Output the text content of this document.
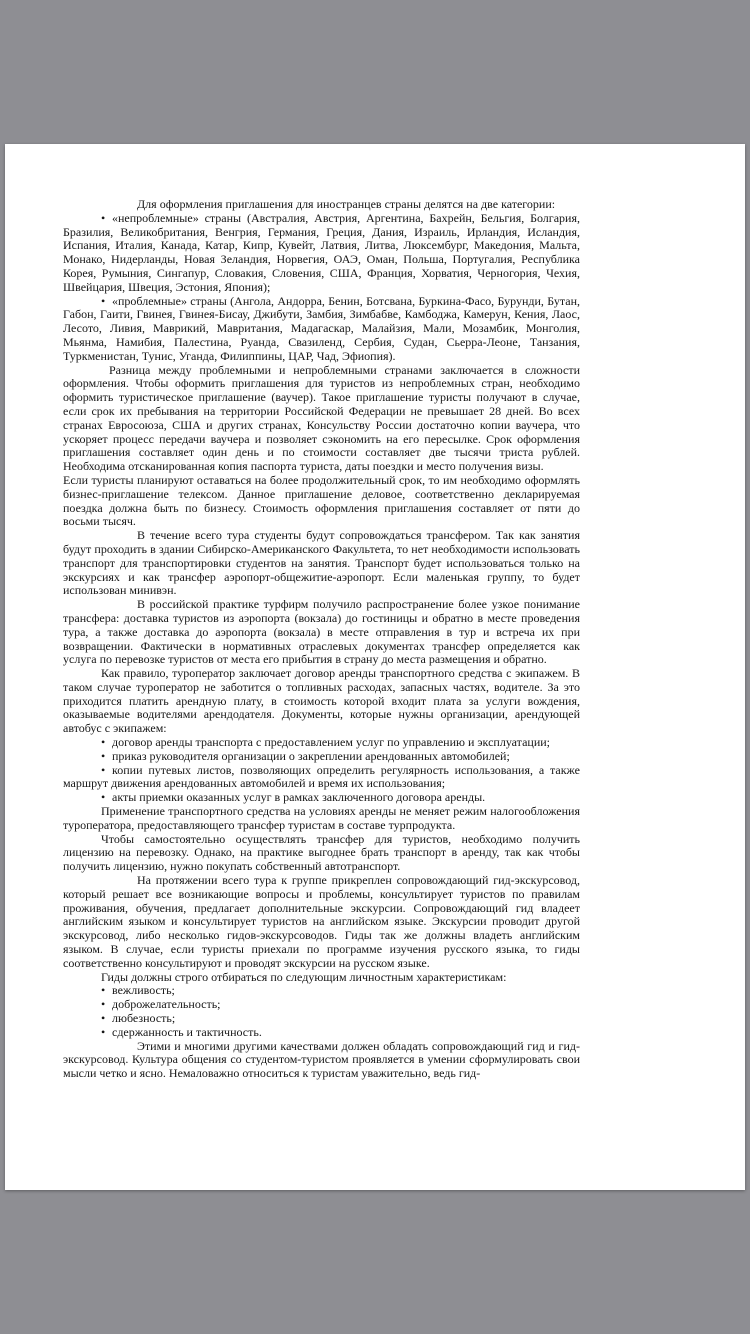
Для оформления приглашения для иностранцев страны делятся на две категории:

• «непроблемные» страны (Австралия, Австрия, Аргентина, Бахрейн, Бельгия, Болгария, Бразилия, Великобритания, Венгрия, Германия, Греция, Дания, Израиль, Ирландия, Исландия, Испания, Италия, Канада, Катар, Кипр, Кувейт, Латвия, Литва, Люксембург, Македония, Мальта, Монако, Нидерланды, Новая Зеландия, Норвегия, ОАЭ, Оман, Польша, Португалия, Республика Корея, Румыния, Сингапур, Словакия, Словения, США, Франция, Хорватия, Черногория, Чехия, Швейцария, Швеция, Эстония, Япония);

• «проблемные» страны (Ангола, Андорра, Бенин, Ботсвана, Буркина-Фасо, Бурунди, Бутан, Габон, Гаити, Гвинея, Гвинея-Бисау, Джибути, Замбия, Зимбабве, Камбоджа, Камерун, Кения, Лаос, Лесото, Ливия, Маврикий, Мавритания, Мадагаскар, Малайзия, Мали, Мозамбик, Монголия, Мьянма, Намибия, Палестина, Руанда, Свазиленд, Сербия, Судан, Сьерра-Леоне, Танзания, Туркменистан, Тунис, Уганда, Филиппины, ЦАР, Чад, Эфиопия).

Разница между проблемными и непроблемными странами заключается в сложности оформления. Чтобы оформить приглашения для туристов из непроблемных стран, необходимо оформить туристическое приглашение (ваучер). Такое приглашение туристы получают в случае, если срок их пребывания на территории Российской Федерации не превышает 28 дней. Во всех странах Евросоюза, США и других странах, Консульству России достаточно копии ваучера, что ускоряет процесс передачи ваучера и позволяет сэкономить на его пересылке. Срок оформления приглашения составляет один день и по стоимости составляет две тысячи триста рублей. Необходима отсканированная копия паспорта туриста, даты поездки и место получения визы.

Если туристы планируют оставаться на более продолжительный срок, то им необходимо оформлять бизнес-приглашение телексом. Данное приглашение деловое, соответственно декларируемая поездка должна быть по бизнесу. Стоимость оформления приглашения составляет от пяти до восьми тысяч.

В течение всего тура студенты будут сопровождаться трансфером. Так как занятия будут проходить в здании Сибирско-Американского Факультета, то нет необходимости использовать транспорт для транспортировки студентов на занятия. Транспорт будет использоваться только на экскурсиях и как трансфер аэропорт-общежитие-аэропорт. Если маленькая группу, то будет использован минивэн.

В российской практике турфирм получило распространение более узкое понимание трансфера: доставка туристов из аэропорта (вокзала) до гостиницы и обратно в месте проведения тура, а также доставка до аэропорта (вокзала) в месте отправления в тур и встреча их при возвращении. Фактически в нормативных отраслевых документах трансфер определяется как услуга по перевозке туристов от места его прибытия в страну до места размещения и обратно.

Как правило, туроператор заключает договор аренды транспортного средства с экипажем. В таком случае туроператор не заботится о топливных расходах, запасных частях, водителе. За это приходится платить арендную плату, в стоимость которой входит плата за услуги вождения, оказываемые водителями арендодателя. Документы, которые нужны организации, арендующей автобус с экипажем:

• договор аренды транспорта с предоставлением услуг по управлению и эксплуатации;

• приказ руководителя организации о закреплении арендованных автомобилей;

• копии путевых листов, позволяющих определить регулярность использования, а также маршрут движения арендованных автомобилей и время их использования;

• акты приемки оказанных услуг в рамках заключенного договора аренды.

Применение транспортного средства на условиях аренды не меняет режим налогообложения туроператора, предоставляющего трансфер туристам в составе турпродукта.

Чтобы самостоятельно осуществлять трансфер для туристов, необходимо получить лицензию на перевозку. Однако, на практике выгоднее брать транспорт в аренду, так как чтобы получить лицензию, нужно покупать собственный автотранспорт.

На протяжении всего тура к группе прикреплен сопровождающий гид-экскурсовод, который решает все возникающие вопросы и проблемы, консультирует туристов по правилам проживания, обучения, предлагает дополнительные экскурсии. Сопровождающий гид владеет английским языком и консультирует туристов на английском языке. Экскурсии проводит другой экскурсовод, либо несколько гидов-экскурсоводов. Гиды так же должны владеть английским языком. В случае, если туристы приехали по программе изучения русского языка, то гиды соответственно консультируют и проводят экскурсии на русском языке.

Гиды должны строго отбираться по следующим личностным характеристикам:

• вежливость;

• доброжелательность;

• любезность;

• сдержанность и тактичность.

Этими и многими другими качествами должен обладать сопровождающий гид и гид-экскурсовод. Культура общения со студентом-туристом проявляется в умении сформулировать свои мысли четко и ясно. Немаловажно относиться к туристам уважительно, ведь гид-
